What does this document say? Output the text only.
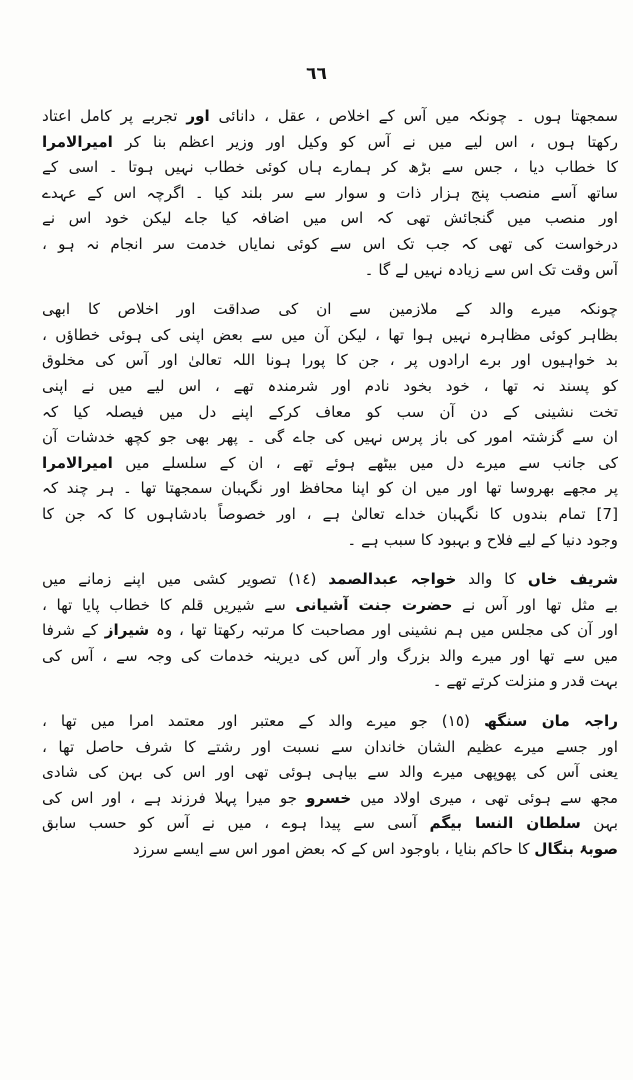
٦٦
سمجھتا ہوں ۔ چونکہ میں آس کے اخلاص ، عقل ، دانائی اور تجربے پر کامل اعتاد
رکھتا ہوں ، اس لیے میں نے آس کو وکیل اور وزیر اعظم بنا کر امیرالامرا
کا خطاب دیا ، جس سے بڑھ کر ہمارے ہاں کوئی خطاب نہیں ہوتا ۔ اسی کے
ساتھ آسے منصب پنج ہزار ذات و سوار سے سر بلند کیا ۔ اگرچہ اس کے عہدے
اور منصب میں گنجائش تھی کہ اس میں اضافہ کیا جاے لیکن خود اس نے
درخواست کی تھی کہ جب تک اس سے کوئی نمایاں خدمت سر انجام نہ ہو ،
آس وقت تک اس سے زیادہ نہیں لے گا ۔
چونکہ میرے والد کے ملازمین سے ان کی صداقت اور اخلاص کا ابھی
بظاہر کوئی مظاہرہ نہیں ہوا تھا ، لیکن آن میں سے بعض اپنی کی ہوئی خطاؤں ،
بد خواہیوں اور برے ارادوں پر ، جن کا پورا ہونا اللہ تعالی‌ٰ اور آس کی مخلوق
کو پسند نہ تھا ، خود بخود نادم اور شرمندہ تھے ، اس لیے میں نے اپنی
تخت نشینی کے دن آن سب کو معاف کرکے اپنے دل میں فیصلہ کیا کہ
ان سے گزشتہ امور کی باز پرس نہیں کی جاے گی ۔ پھر بھی جو کچھ خدشات آن
کی جانب سے میرے دل میں بیٹھے ہوئے تھے ، ان کے سلسلے میں امیرالامرا
پر مجھے بھروسا تھا اور میں ان کو اپنا محافظ اور نگہبان سمجھتا تھا ۔ ہر چند کہ
[7] تمام بندوں کا نگہبان خداے تعالی‌ٰ ہے ، اور خصوصاً بادشاہوں کا کہ جن کا
وجود دنیا کے لیے فلاح و بہبود کا سبب ہے ۔
شریف خاں کا والد خواجہ عبدالصمد (١٤) تصویر کشی میں اپنے زمانے میں
بے مثل تھا اور آس نے حضرت جنت آشیانی سے شیریں قلم کا خطاب پایا تھا ،
اور آن کی مجلس میں ہم نشینی اور مصاحبت کا مرتبہ رکھتا تھا ، وہ شیراز کے شرفا
میں سے تھا اور میرے والد بزرگ وار آس کی دیرینہ خدمات کی وجہ سے ، آس کی
بہت قدر و منزلت کرتے تھے ۔
راجہ مان سنگھ (١٥) جو میرے والد کے معتبر اور معتمد امرا میں تھا ،
اور جسے میرے عظیم الشان خاندان سے نسبت اور رشتے کا شرف حاصل تھا ،
یعنی آس کی پھوپھی میرے والد سے بیاہی ہوئی تھی اور اس کی بہن کی شادی
مجھ سے ہوئی تھی ، میری اولاد میں خسرو جو میرا پہلا فرزند ہے ، اور اس کی
بہن سلطان النسا بیگم آسی سے پیدا ہوے ، میں نے آس کو حسب سابق
صوبۂ بنگال کا حاکم بنایا ، باوجود اس کے کہ بعض امور اس سے ایسے سرزد
